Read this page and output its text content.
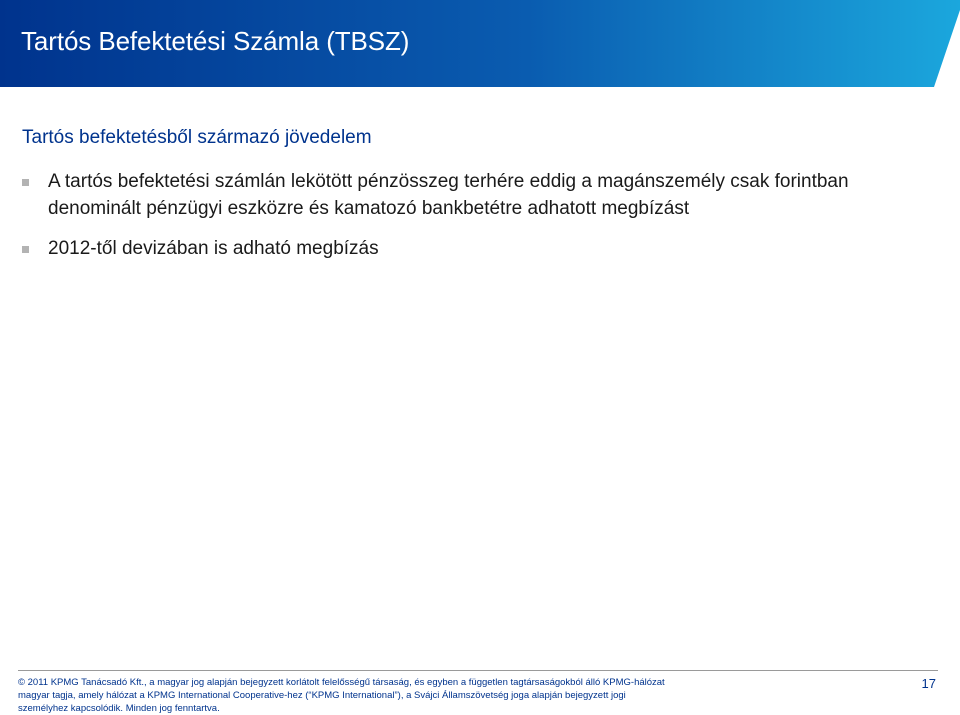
Tartós Befektetési Számla (TBSZ)
Tartós befektetésből származó jövedelem
A tartós befektetési számlán lekötött pénzösszeg terhére eddig a magánszemély csak forintban denominált pénzügyi eszközre és kamatozó bankbetétre adhatott megbízást
2012-től devizában is adható megbízás
© 2011 KPMG Tanácsadó Kft., a magyar jog alapján bejegyzett korlátolt felelősségű társaság, és egyben a független tagtársaságokból álló KPMG-hálózat magyar tagja, amely hálózat a KPMG International Cooperative-hez (“KPMG International”), a Svájci Államszövetség joga alapján bejegyzett jogi személyhez kapcsolódik. Minden jog fenntartva.
17
